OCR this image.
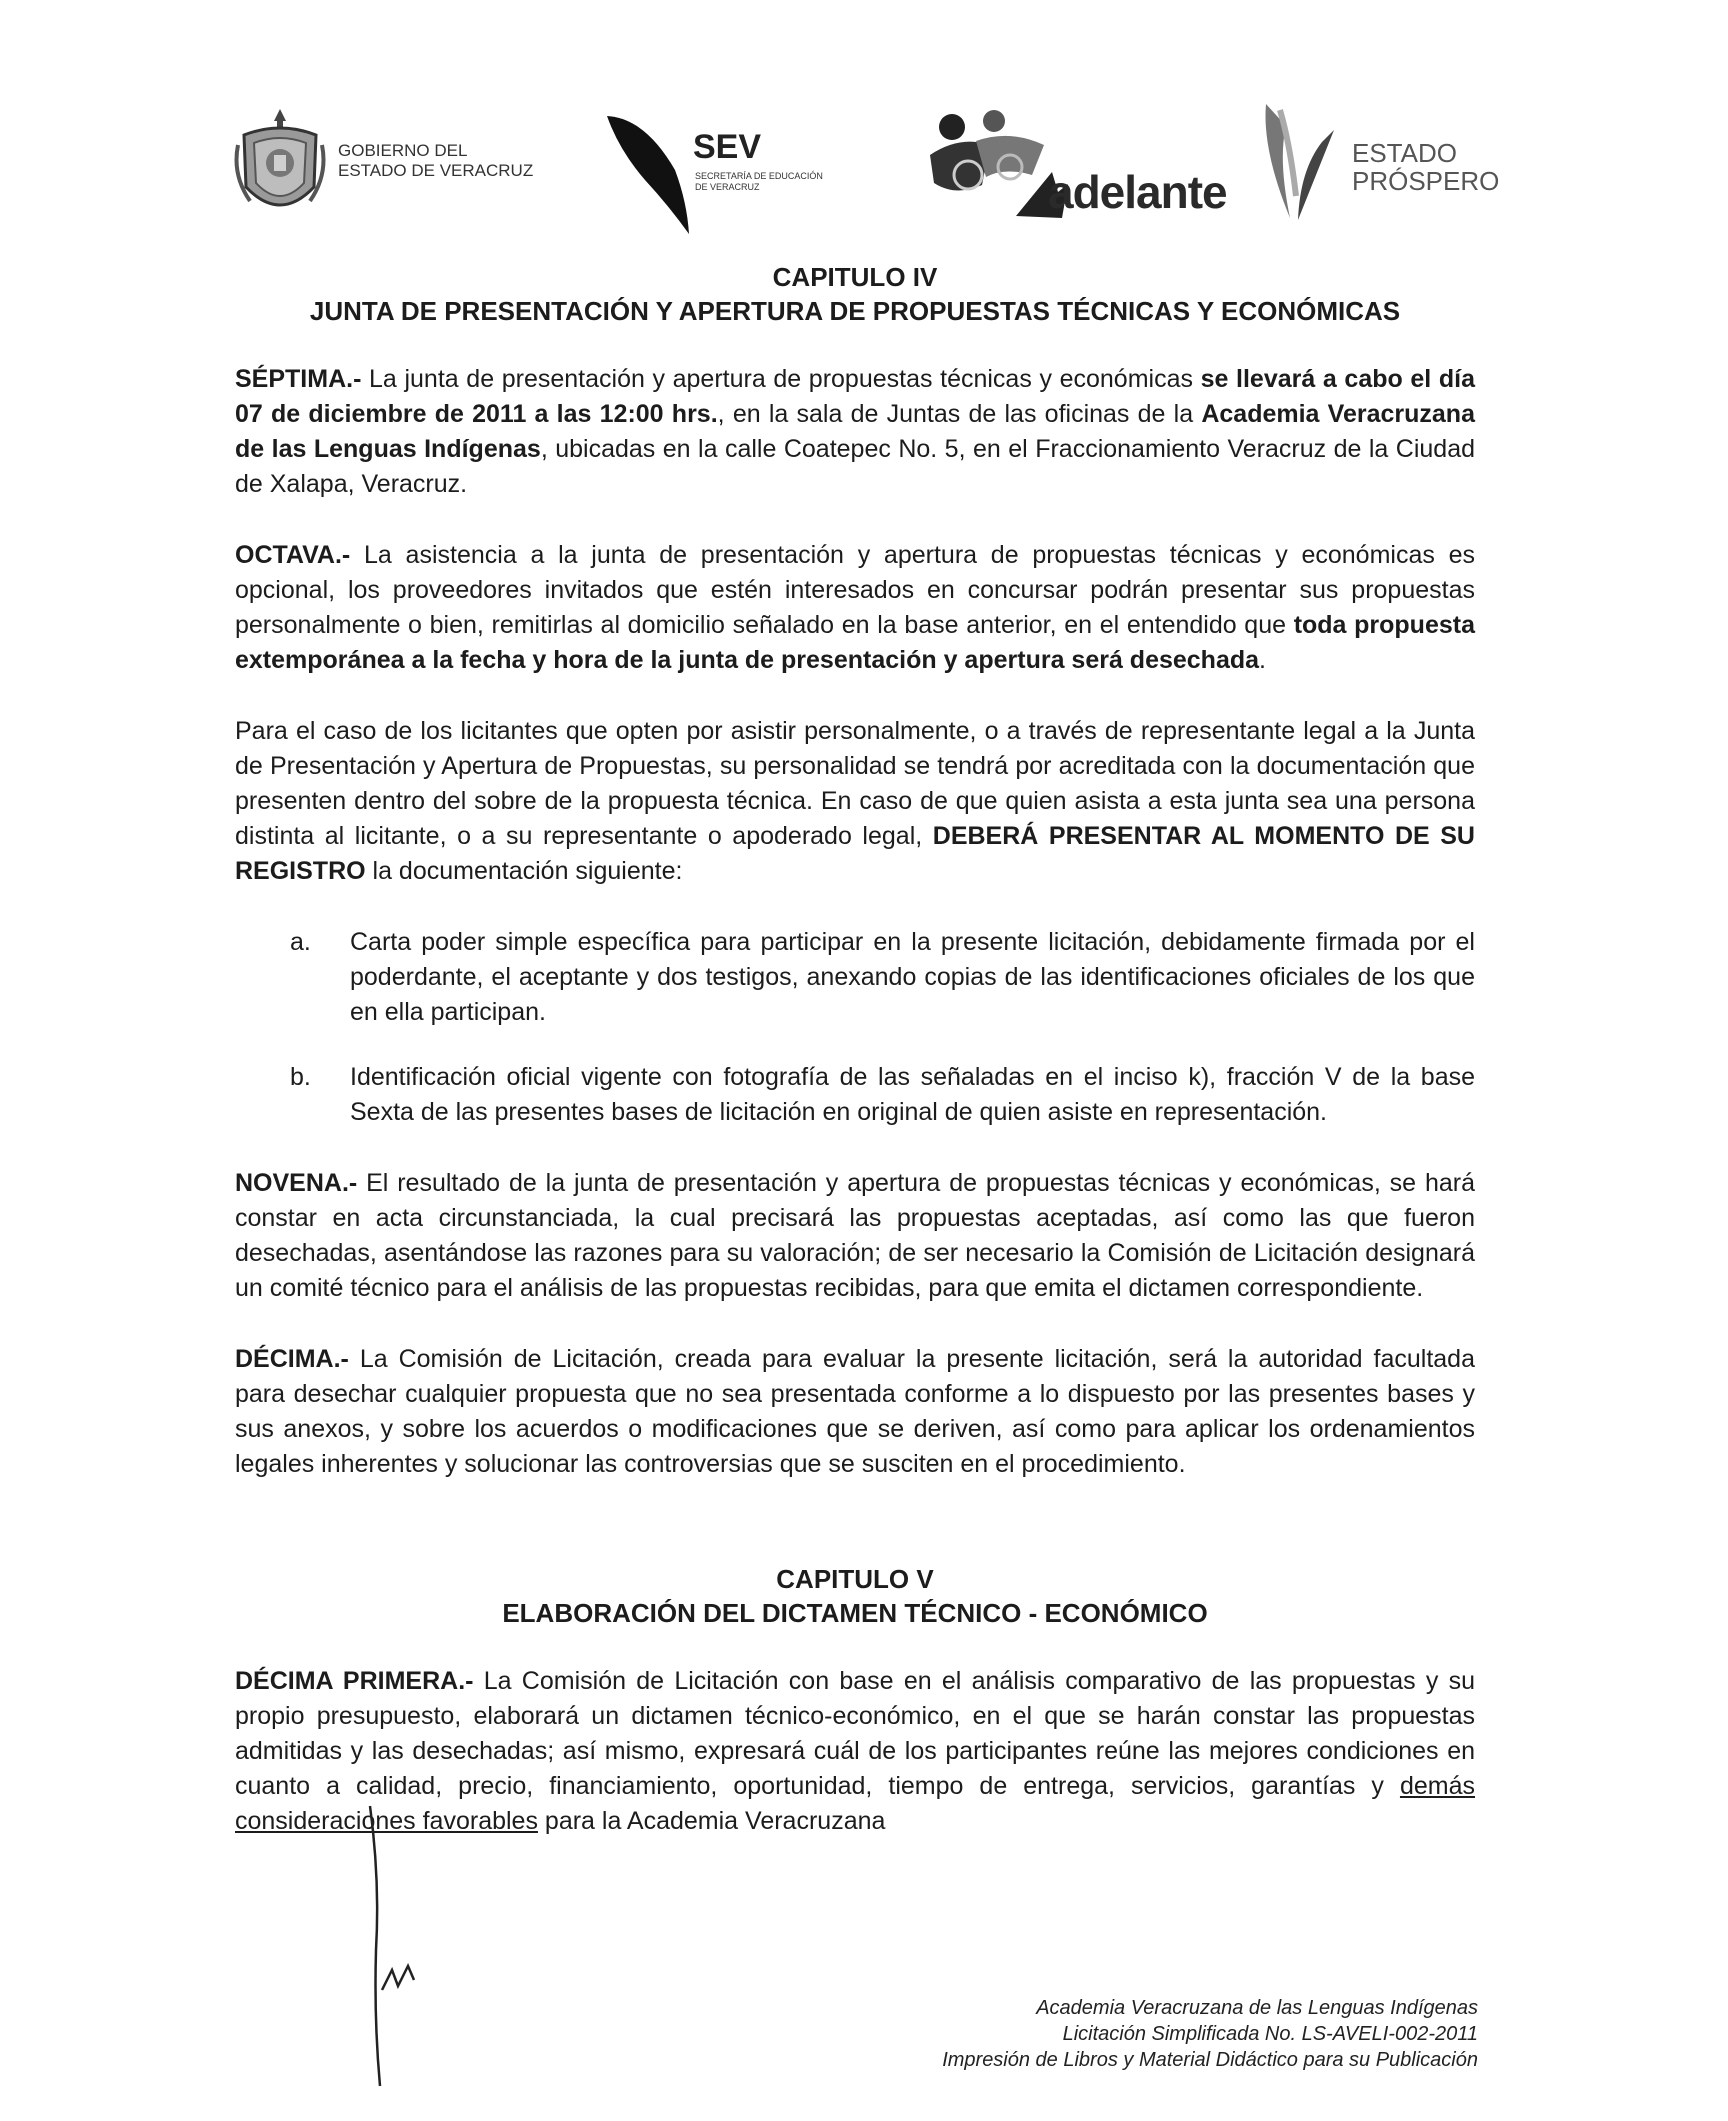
GOBIERNO DEL
ESTADO DE VERACRUZ
SEV
SECRETARÍA DE EDUCACIÓN
DE VERACRUZ	adelante
ESTADO
PRÓSPERO
CAPITULO IV
JUNTA DE PRESENTACIÓN Y APERTURA DE PROPUESTAS TÉCNICAS Y ECONÓMICAS

SÉPTIMA.- La junta de presentación y apertura de propuestas técnicas y económicas se llevará a cabo el día 07 de diciembre de 2011 a las 12:00 hrs., en la sala de Juntas de las oficinas de la Academia Veracruzana de las Lenguas Indígenas, ubicadas en la calle Coatepec No. 5, en el Fraccionamiento Veracruz de la Ciudad de Xalapa, Veracruz.

OCTAVA.- La asistencia a la junta de presentación y apertura de propuestas técnicas y económicas es opcional, los proveedores invitados que estén interesados en concursar podrán presentar sus propuestas personalmente o bien, remitirlas al domicilio señalado en la base anterior, en el entendido que toda propuesta extemporánea a la fecha y hora de la junta de presentación y apertura será desechada.

Para el caso de los licitantes que opten por asistir personalmente, o a través de representante legal a la Junta de Presentación y Apertura de Propuestas, su personalidad se tendrá por acreditada con la documentación que presenten dentro del sobre de la propuesta técnica. En caso de que quien asista a esta junta sea una persona distinta al licitante, o a su representante o apoderado legal, DEBERÁ PRESENTAR AL MOMENTO DE SU REGISTRO la documentación siguiente:

a. Carta poder simple específica para participar en la presente licitación, debidamente firmada por el poderdante, el aceptante y dos testigos, anexando copias de las identificaciones oficiales de los que en ella participan.
b. Identificación oficial vigente con fotografía de las señaladas en el inciso k), fracción V de la base Sexta de las presentes bases de licitación en original de quien asiste en representación.

NOVENA.- El resultado de la junta de presentación y apertura de propuestas técnicas y económicas, se hará constar en acta circunstanciada, la cual precisará las propuestas aceptadas, así como las que fueron desechadas, asentándose las razones para su valoración; de ser necesario la Comisión de Licitación designará un comité técnico para el análisis de las propuestas recibidas, para que emita el dictamen correspondiente.

DÉCIMA.- La Comisión de Licitación, creada para evaluar la presente licitación, será la autoridad facultada para desechar cualquier propuesta que no sea presentada conforme a lo dispuesto por las presentes bases y sus anexos, y sobre los acuerdos o modificaciones que se deriven, así como para aplicar los ordenamientos legales inherentes y solucionar las controversias que se susciten en el procedimiento.

CAPITULO V
ELABORACIÓN DEL DICTAMEN TÉCNICO - ECONÓMICO

DÉCIMA PRIMERA.- La Comisión de Licitación con base en el análisis comparativo de las propuestas y su propio presupuesto, elaborará un dictamen técnico-económico, en el que se harán constar las propuestas admitidas y las desechadas; así mismo, expresará cuál de los participantes reúne las mejores condiciones en cuanto a calidad, precio, financiamiento, oportunidad, tiempo de entrega, servicios, garantías y demás consideraciones favorables para la Academia Veracruzana

Academia Veracruzana de las Lenguas Indígenas
Licitación Simplificada No. LS-AVELI-002-2011
Impresión de Libros y Material Didáctico para su Publicación
